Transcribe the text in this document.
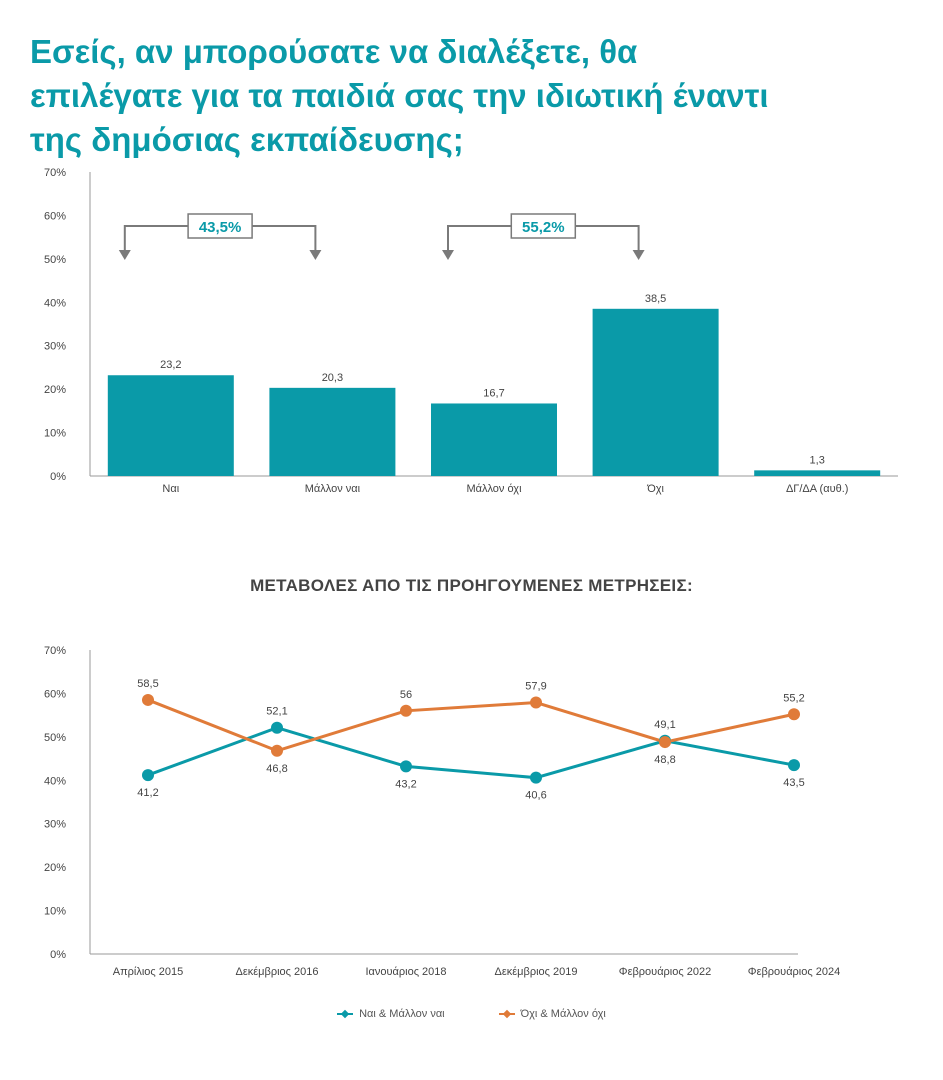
Εσείς, αν μπορούσατε να διαλέξετε, θα
επιλέγατε για τα παιδιά σας την ιδιωτική έναντι
της δημόσιας εκπαίδευσης;
0%
10%
20%
30%
40%
50%
60%
70%
23,2
Ναι
20,3
Μάλλον ναι
16,7
Μάλλον όχι
38,5
Όχι
1,3
ΔΓ/ΔΑ (αυθ.)
43,5%	55,2%
ΜΕΤΑΒΟΛΕΣ ΑΠΟ ΤΙΣ ΠΡΟΗΓΟΥΜΕΝΕΣ ΜΕΤΡΗΣΕΙΣ:
0%
10%
20%
30%
40%
50%
60%
70%
Απρίλιος 2015	Δεκέμβριος 2016	Ιανουάριος 2018	Δεκέμβριος 2019	Φεβρουάριος 2022	Φεβρουάριος 2024
41,2
52,1
43,2
40,6
49,1
43,5
58,5
46,8
56
57,9
48,8
55,2
Ναι & Μάλλον ναι	Όχι & Μάλλον όχι
